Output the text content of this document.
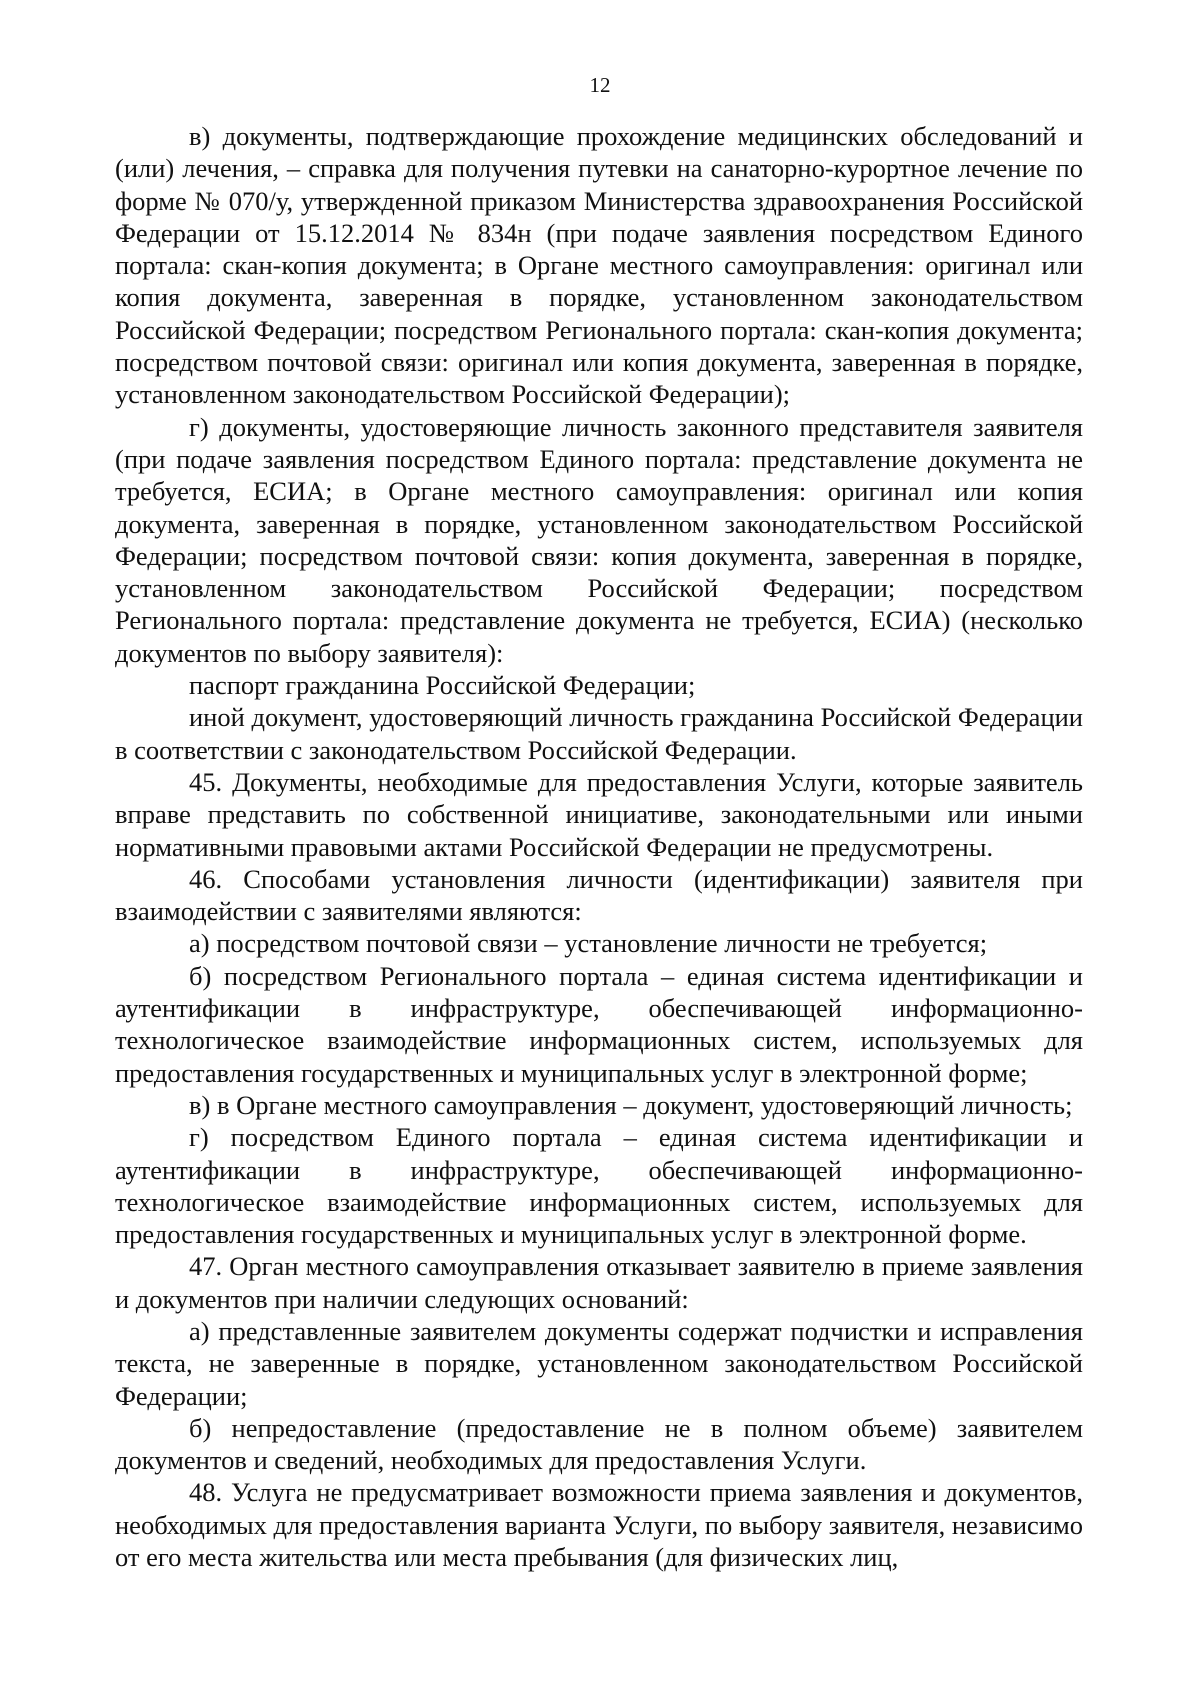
12

в) документы, подтверждающие прохождение медицинских обследований и (или) лечения, – справка для получения путевки на санаторно-курортное лечение по форме № 070/у, утвержденной приказом Министерства здравоохранения Российской Федерации от 15.12.2014 № 834н (при подаче заявления посредством Единого портала: скан-копия документа; в Органе местного самоуправления: оригинал или копия документа, заверенная в порядке, установленном законодательством Российской Федерации; посредством Регионального портала: скан-копия документа; посредством почтовой связи: оригинал или копия документа, заверенная в порядке, установленном законодательством Российской Федерации);

г) документы, удостоверяющие личность законного представителя заявителя (при подаче заявления посредством Единого портала: представление документа не требуется, ЕСИА; в Органе местного самоуправления: оригинал или копия документа, заверенная в порядке, установленном законодательством Российской Федерации; посредством почтовой связи: копия документа, заверенная в порядке, установленном законодательством Российской Федерации; посредством Регионального портала: представление документа не требуется, ЕСИА) (несколько документов по выбору заявителя):

паспорт гражданина Российской Федерации;

иной документ, удостоверяющий личность гражданина Российской Федерации в соответствии с законодательством Российской Федерации.

45. Документы, необходимые для предоставления Услуги, которые заявитель вправе представить по собственной инициативе, законодательными или иными нормативными правовыми актами Российской Федерации не предусмотрены.

46. Способами установления личности (идентификации) заявителя при взаимодействии с заявителями являются:

а) посредством почтовой связи – установление личности не требуется;

б) посредством Регионального портала – единая система идентификации и аутентификации в инфраструктуре, обеспечивающей информационно-технологическое взаимодействие информационных систем, используемых для предоставления государственных и муниципальных услуг в электронной форме;

в) в Органе местного самоуправления – документ, удостоверяющий личность;

г) посредством Единого портала – единая система идентификации и аутентификации в инфраструктуре, обеспечивающей информационно-технологическое взаимодействие информационных систем, используемых для предоставления государственных и муниципальных услуг в электронной форме.

47. Орган местного самоуправления отказывает заявителю в приеме заявления и документов при наличии следующих оснований:

а) представленные заявителем документы содержат подчистки и исправления текста, не заверенные в порядке, установленном законодательством Российской Федерации;

б) непредоставление (предоставление не в полном объеме) заявителем документов и сведений, необходимых для предоставления Услуги.

48. Услуга не предусматривает возможности приема заявления и документов, необходимых для предоставления варианта Услуги, по выбору заявителя, независимо от его места жительства или места пребывания (для физических лиц,
